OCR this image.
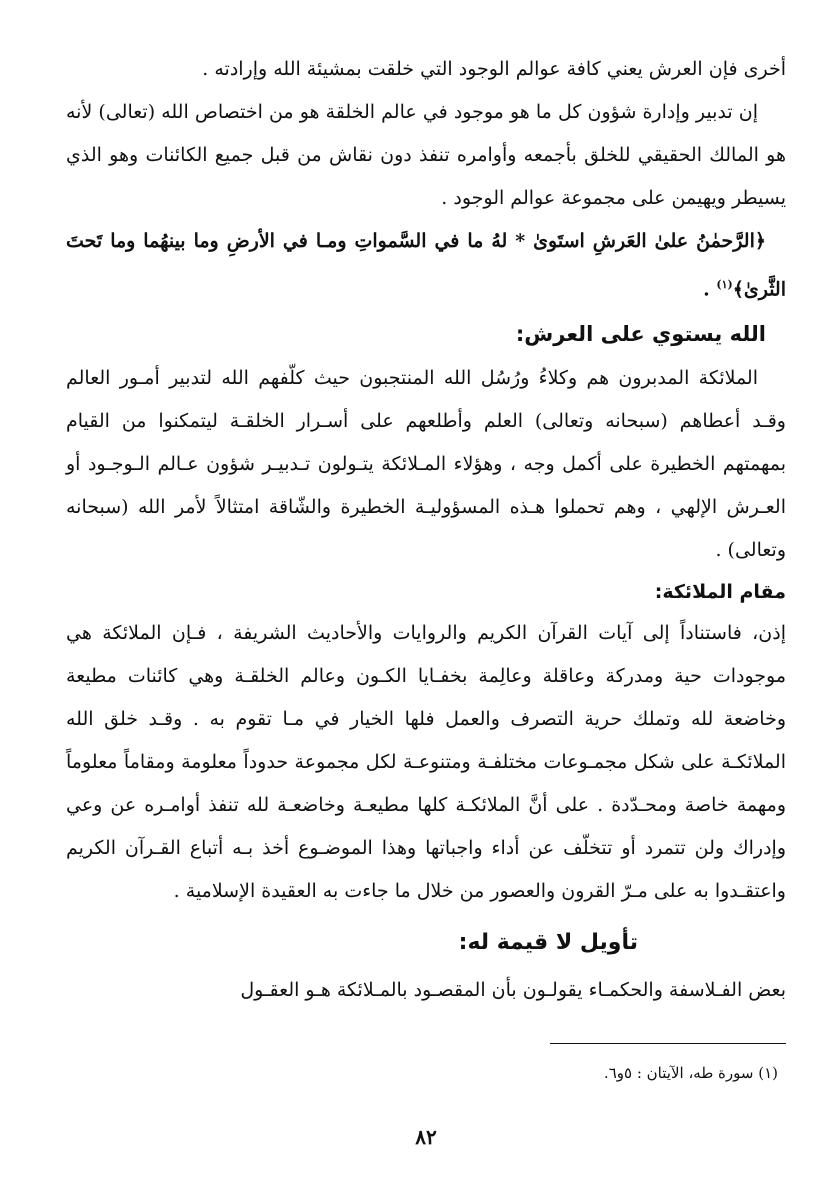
أخرى فإن العرش يعني كافة عوالم الوجود التي خلقت بمشيئة الله وإرادته .

إن تدبير وإدارة شؤون كل ما هو موجود في عالم الخلقة هو من اختصاص الله (تعالى) لأنه هو المالك الحقيقي للخلق بأجمعه وأوامره تنفذ دون نقاش من قبل جميع الكائنات وهو الذي يسيطر ويهيمن على مجموعة عوالم الوجود .

﴿الرَّحمٰنُ علىٰ العَرشِ استَوىٰ * لهُ ما في السَّمواتِ ومـا في الأرضِ وما بينهُما وما تَحتَ الثَّرىٰ﴾$^{(١)}$ .

الله يستوي على العرش:

الملائكة المدبرون هم وكلاءُ ورُسُل الله المنتجبون حيث كلّفهم الله لتدبير أمـور العالم وقـد أعطاهم (سبحانه وتعالى) العلم وأطلعهم على أسـرار الخلقـة ليتمكنوا من القيام بمهمتهم الخطيرة على أكمل وجه ، وهؤلاء المـلائكة يتـولون تـدبيـر شؤون عـالم الـوجـود أو العـرش الإلهي ، وهم تحملوا هـذه المسؤوليـة الخطيرة والشّاقة امتثالاً لأمر الله (سبحانه وتعالى) .

مقام الملائكة:

إذن، فاستناداً إلى آيات القرآن الكريم والروايات والأحاديث الشريفة ، فـإن الملائكة هي موجودات حية ومدركة وعاقلة وعالِمة بخفـايا الكـون وعالم الخلقـة وهي كائنات مطيعة وخاضعة لله وتملك حرية التصرف والعمل فلها الخيار في مـا تقوم به . وقـد خلق الله الملائكـة على شكل مجمـوعات مختلفـة ومتنوعـة لكل مجموعة حدوداً معلومة ومقاماً معلوماً ومهمة خاصة ومحـدّدة . على أنَّ الملائكـة كلها مطيعـة وخاضعـة لله تنفذ أوامـره عن وعي وإدراك ولن تتمرد أو تتخلّف عن أداء واجباتها وهذا الموضـوع أخذ بـه أتباع القـرآن الكريم واعتقـدوا به على مـرّ القرون والعصور من خلال ما جاءت به العقيدة الإسلامية .

تأويل لا قيمة له:

بعض الفـلاسفة والحكمـاء يقولـون بأن المقصـود بالمـلائكة هـو العقـول

(١) سورة طه، الآيتان : ٥و٦.

٨٢
